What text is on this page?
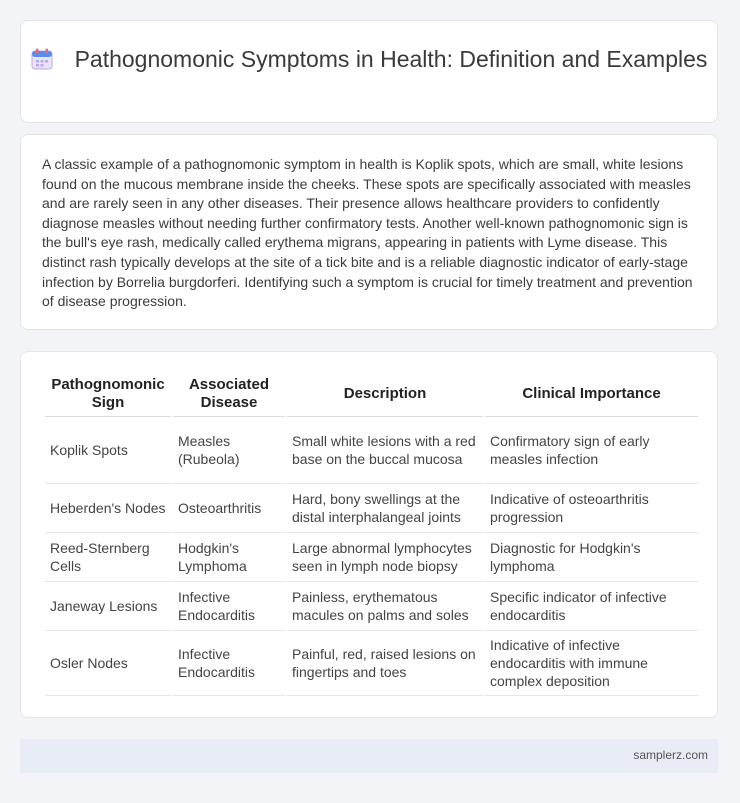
Pathognomonic Symptoms in Health: Definition and Examples
A classic example of a pathognomonic symptom in health is Koplik spots, which are small, white lesions found on the mucous membrane inside the cheeks. These spots are specifically associated with measles and are rarely seen in any other diseases. Their presence allows healthcare providers to confidently diagnose measles without needing further confirmatory tests. Another well-known pathognomonic sign is the bull's eye rash, medically called erythema migrans, appearing in patients with Lyme disease. This distinct rash typically develops at the site of a tick bite and is a reliable diagnostic indicator of early-stage infection by Borrelia burgdorferi. Identifying such a symptom is crucial for timely treatment and prevention of disease progression.
Pathognomonic Sign	Associated Disease	Description	Clinical Importance
Koplik Spots	Measles (Rubeola)	Small white lesions with a red base on the buccal mucosa	Confirmatory sign of early measles infection
Heberden's Nodes	Osteoarthritis	Hard, bony swellings at the distal interphalangeal joints	Indicative of osteoarthritis progression
Reed-Sternberg Cells	Hodgkin's Lymphoma	Large abnormal lymphocytes seen in lymph node biopsy	Diagnostic for Hodgkin's lymphoma
Janeway Lesions	Infective Endocarditis	Painless, erythematous macules on palms and soles	Specific indicator of infective endocarditis
Osler Nodes	Infective Endocarditis	Painful, red, raised lesions on fingertips and toes	Indicative of infective endocarditis with immune complex deposition
samplerz.com
